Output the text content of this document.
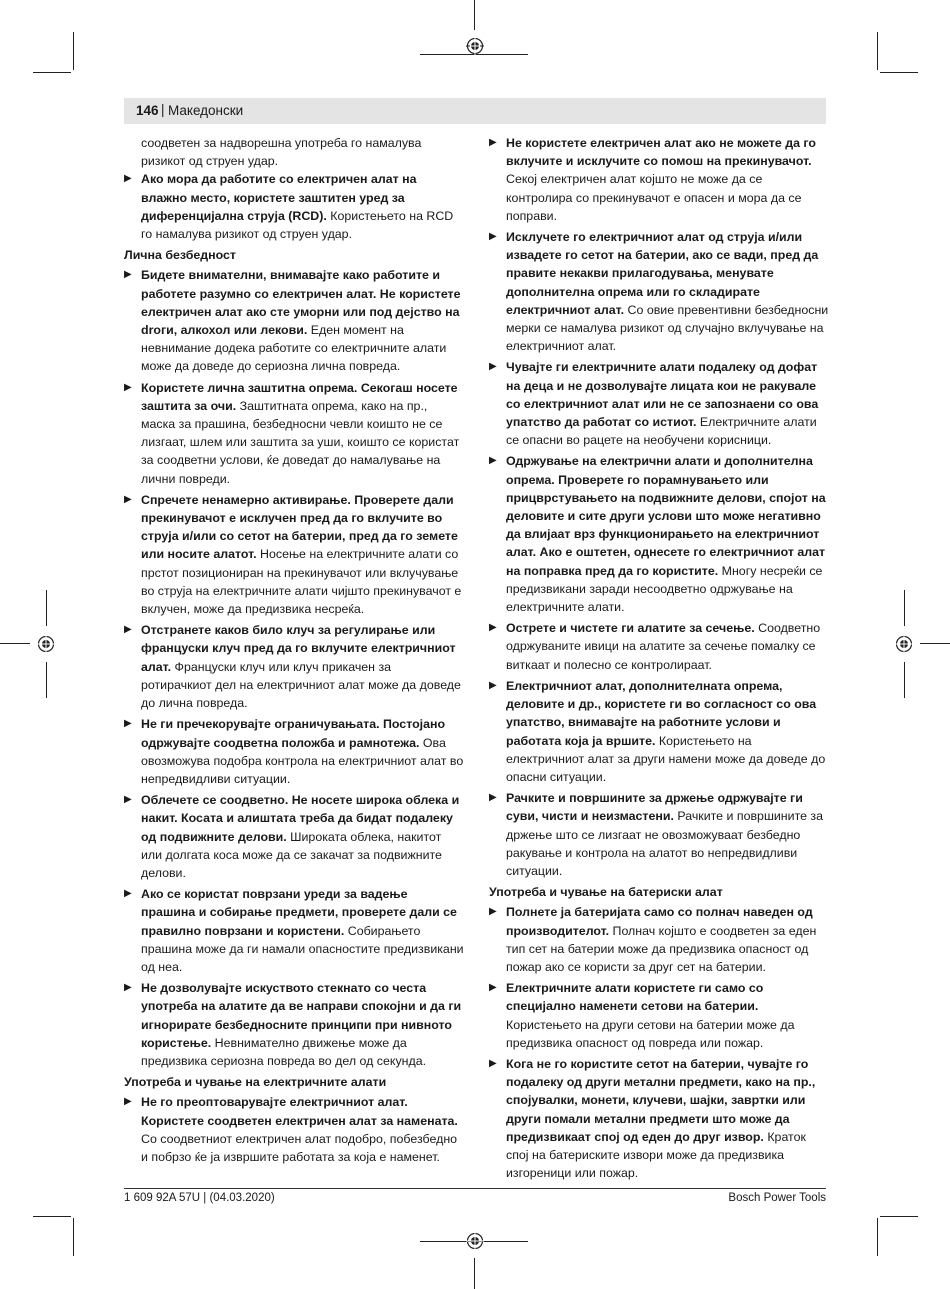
146 | Македонски
соодветен за надворешна употреба го намалува ризикот од струен удар.
▶ Ако мора да работите со електричен алат на влажно место, користете заштитен уред за диференцијална струја (RCD). Користењето на RCD го намалува ризикот од струен удар.
Лична безбедност
▶ Бидете внимателни, внимавајте како работите и работете разумно со електричен алат. Не користете електричен алат ако сте уморни или под дејство на droги, алкохол или лекови. Еден момент на невнимание додека работите со електричните алати може да доведе до сериозна лична повреда.
▶ Користете лична заштитна опрема. Секогаш носете заштита за очи. Заштитната опрема, како на пр., маска за прашина, безбедносни чевли коишто не се лизгаат, шлем или заштита за уши, коишто се користат за соодветни услови, ќе доведат до намалување на лични повреди.
▶ Спречете ненамерно активирање. Проверете дали прекинувачот е исклучен пред да го вклучите во струја и/или со сетот на батерии, пред да го земете или носите алатот. Носење на електричните алати со прстот позициониран на прекинувачот или вклучување во струја на електричните алати чијшто прекинувачот е вклучен, може да предизвика несреќа.
▶ Отстранете каков било клуч за регулирање или француски клуч пред да го вклучите електричниот алат. Француски клуч или клуч прикачен за ротирачкиот дел на електричниот алат може да доведе до лична повреда.
▶ Не ги пречекорувајте ограничувањата. Постојано одржувајте соодветна положба и рамнотежа. Ова овозможува подобра контрола на електричниот алат во непредвидливи ситуации.
▶ Облечете се соодветно. Не носете широка облека и накит. Косата и алиштата треба да бидат подалеку од подвижните делови. Широката облека, накитот или долгата коса може да се закачат за подвижните делови.
▶ Ако се користат поврзани уреди за вадење прашина и собирање предмети, проверете дали се правилно поврзани и користени. Собирањето прашина може да ги намали опасностите предизвикани од неа.
▶ Не дозволувајте искуството стекнато со честа употреба на алатите да ве направи спокојни и да ги игнорирате безбедносните принципи при нивното користење. Невнимателно движење може да предизвика сериозна повреда во дел од секунда.
Употреба и чување на електричните алати
▶ Не го преоптоварувајте електричниот алат. Користете соодветен електричен алат за намената. Со соодветниот електричен алат подобро, побезбедно и побрзо ќе ја извршите работата за која е наменет.
▶ Не користете електричен алат ако не можете да го вклучите и исклучите со помош на прекинувачот. Секој електричен алат којшто не може да се контролира со прекинувачот е опасен и мора да се поправи.
▶ Исклучете го електричниот алат од струја и/или извадете го сетот на батерии, ако се вади, пред да правите некакви прилагодувања, менувате дополнителна опрема или го складирате електричниот алат. Со овие превентивни безбедносни мерки се намалува ризикот од случајно вклучување на електричниот алат.
▶ Чувајте ги електричните алати подалеку од дофат на деца и не дозволувајте лицата кои не ракувале со електричниот алат или не се запознаени со ова упатство да работат со истиот. Електричните алати се опасни во рацете на необучени корисници.
▶ Одржување на електрични алати и дополнителна опрема. Проверете го порамнувањето или прицврстувањето на подвижните делови, спојот на деловите и сите други услови што може негативно да влијаат врз функционирањето на електричниот алат. Ако е оштетен, однесете го електричниот алат на поправка пред да го користите. Многу несреќи се предизвикани заради несоодветно одржување на електричните алати.
▶ Острете и чистете ги алатите за сечење. Соодветно одржуваните ивици на алатите за сечење помалку се виткаат и полесно се контролираат.
▶ Електричниот алат, дополнителната опрема, деловите и др., користете ги во согласност со ова упатство, внимавајте на работните услови и работата која ја вршите. Користењето на електричниот алат за други намени може да доведе до опасни ситуации.
▶ Рачките и површините за држење одржувајте ги суви, чисти и неизмастени. Рачките и површините за држење што се лизгаат не овозможуваат безбедно ракување и контрола на алатот во непредвидливи ситуации.
Употреба и чување на батериски алат
▶ Полнете ја батеријата само со полнач наведен од производителот. Полнач којшто е соодветен за еден тип сет на батерии може да предизвика опасност од пожар ако се користи за друг сет на батерии.
▶ Електричните алати користете ги само со специјално наменети сетови на батерии. Користењето на други сетови на батерии може да предизвика опасност од повреда или пожар.
▶ Кога не го користите сетот на батерии, чувајте го подалеку од други метални предмети, како на пр., спојувалки, монети, клучеви, шајки, завртки или други помали метални предмети што може да предизвикаат спој од еден до друг извор. Краток спој на батериските извори може да предизвика изгореници или пожар.
1 609 92A 57U | (04.03.2020)	Bosch Power Tools
